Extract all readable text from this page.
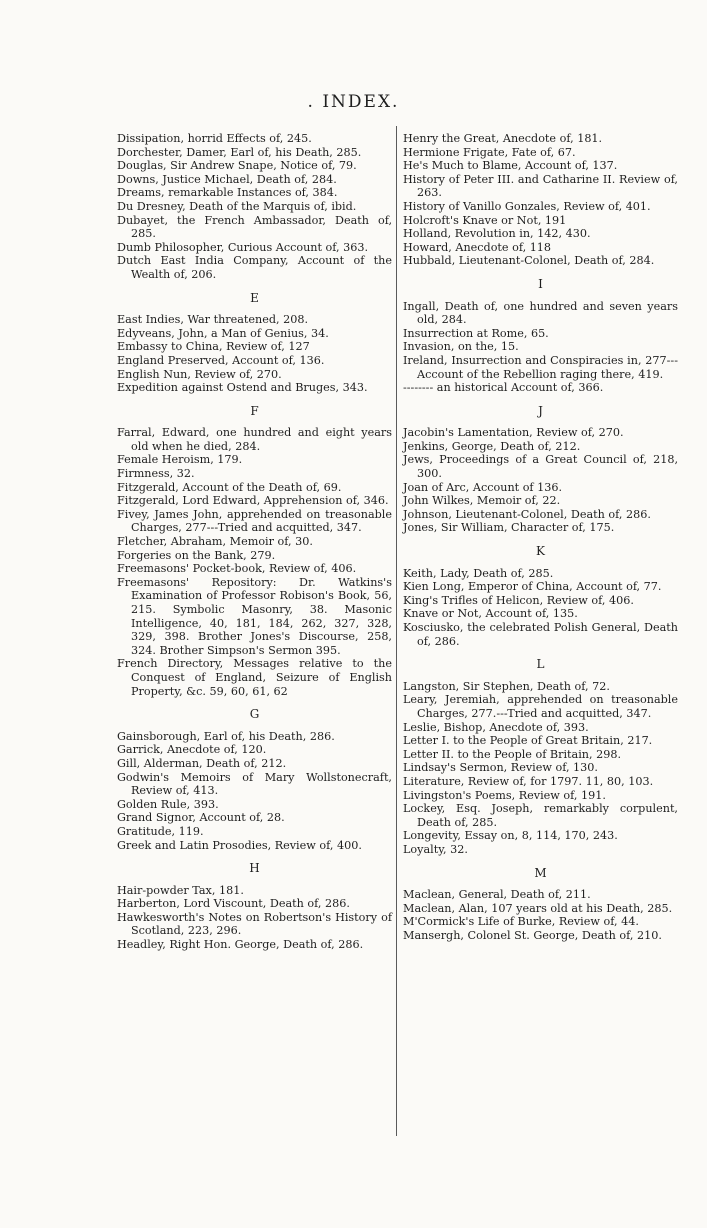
. INDEX.
Dissipation, horrid Effects of, 245.
Dorchester, Damer, Earl of, his Death, 285.
Douglas, Sir Andrew Snape, Notice of, 79.
Downs, Justice Michael, Death of, 284.
Dreams, remarkable Instances of, 384.
Du Dresney, Death of the Marquis of, ibid.
Dubayet, the French Ambassador, Death of, 285.
Dumb Philosopher, Curious Account of, 363.
Dutch East India Company, Account of the Wealth of, 206.
E
East Indies, War threatened, 208.
Edyveans, John, a Man of Genius, 34.
Embassy to China, Review of, 127
England Preserved, Account of, 136.
English Nun, Review of, 270.
Expedition against Ostend and Bruges, 343.
F
Farral, Edward, one hundred and eight years old when he died, 284.
Female Heroism, 179.
Firmness, 32.
Fitzgerald, Account of the Death of, 69.
Fitzgerald, Lord Edward, Apprehension of, 346.
Fivey, James John, apprehended on treasonable Charges, 277---Tried and acquitted, 347.
Fletcher, Abraham, Memoir of, 30.
Forgeries on the Bank, 279.
Freemasons' Pocket-book, Review of, 406.
Freemasons' Repository: Dr. Watkins's Examination of Professor Robison's Book, 56, 215. Symbolic Masonry, 38. Masonic Intelligence, 40, 181, 184, 262, 327, 328, 329, 398. Brother Jones's Discourse, 258, 324. Brother Simpson's Sermon 395.
French Directory, Messages relative to the Conquest of England, Seizure of English Property, &c. 59, 60, 61, 62
G
Gainsborough, Earl of, his Death, 286.
Garrick, Anecdote of, 120.
Gill, Alderman, Death of, 212.
Godwin's Memoirs of Mary Wollstonecraft, Review of, 413.
Golden Rule, 393.
Grand Signor, Account of, 28.
Gratitude, 119.
Greek and Latin Prosodies, Review of, 400.
H
Hair-powder Tax, 181.
Harberton, Lord Viscount, Death of, 286.
Hawkesworth's Notes on Robertson's History of Scotland, 223, 296.
Headley, Right Hon. George, Death of, 286.
Henry the Great, Anecdote of, 181.
Hermione Frigate, Fate of, 67.
He's Much to Blame, Account of, 137.
History of Peter III. and Catharine II. Review of, 263.
History of Vanillo Gonzales, Review of, 401.
Holcroft's Knave or Not, 191
Holland, Revolution in, 142, 430.
Howard, Anecdote of, 118
Hubbald, Lieutenant-Colonel, Death of, 284.
I
Ingall, Death of, one hundred and seven years old, 284.
Insurrection at Rome, 65.
Invasion, on the, 15.
Ireland, Insurrection and Conspiracies in, 277---Account of the Rebellion raging there, 419.
-------- an historical Account of, 366.
J
Jacobin's Lamentation, Review of, 270.
Jenkins, George, Death of, 212.
Jews, Proceedings of a Great Council of, 218, 300.
Joan of Arc, Account of 136.
John Wilkes, Memoir of, 22.
Johnson, Lieutenant-Colonel, Death of, 286.
Jones, Sir William, Character of, 175.
K
Keith, Lady, Death of, 285.
Kien Long, Emperor of China, Account of, 77.
King's Trifles of Helicon, Review of, 406.
Knave or Not, Account of, 135.
Kosciusko, the celebrated Polish General, Death of, 286.
L
Langston, Sir Stephen, Death of, 72.
Leary, Jeremiah, apprehended on treasonable Charges, 277.---Tried and acquitted, 347.
Leslie, Bishop, Anecdote of, 393.
Letter I. to the People of Great Britain, 217.
Letter II. to the People of Britain, 298.
Lindsay's Sermon, Review of, 130.
Literature, Review of, for 1797. 11, 80, 103.
Livingston's Poems, Review of, 191.
Lockey, Esq. Joseph, remarkably corpulent, Death of, 285.
Longevity, Essay on, 8, 114, 170, 243.
Loyalty, 32.
M
Maclean, General, Death of, 211.
Maclean, Alan, 107 years old at his Death, 285.
M'Cormick's Life of Burke, Review of, 44.
Mansergh, Colonel St. George, Death of, 210.
